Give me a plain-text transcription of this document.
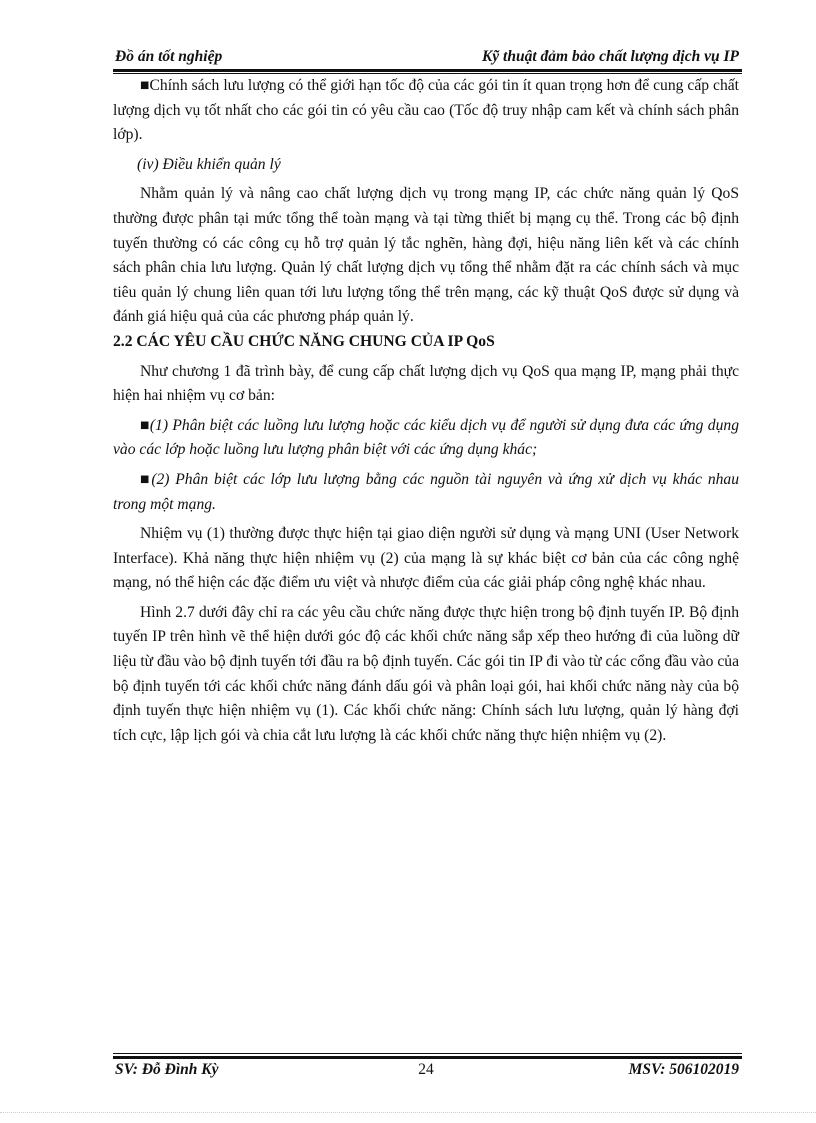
Đồ án tốt nghiệp	Kỹ thuật đảm bảo chất lượng dịch vụ IP

■Chính sách lưu lượng có thể giới hạn tốc độ của các gói tin ít quan trọng hơn để cung cấp chất lượng dịch vụ tốt nhất cho các gói tin có yêu cầu cao (Tốc độ truy nhập cam kết và chính sách phân lớp).

(iv) Điều khiển quản lý

Nhằm quản lý và nâng cao chất lượng dịch vụ trong mạng IP, các chức năng quản lý QoS thường được phân tại mức tổng thể toàn mạng và tại từng thiết bị mạng cụ thể. Trong các bộ định tuyến thường có các công cụ hỗ trợ quản lý tắc nghẽn, hàng đợi, hiệu năng liên kết và các chính sách phân chia lưu lượng. Quản lý chất lượng dịch vụ tổng thể nhằm đặt ra các chính sách và mục tiêu quản lý chung liên quan tới lưu lượng tổng thể trên mạng, các kỹ thuật QoS được sử dụng và đánh giá hiệu quả của các phương pháp quản lý.

2.2 CÁC YÊU CẦU CHỨC NĂNG CHUNG CỦA IP QoS

Như chương 1 đã trình bày, để cung cấp chất lượng dịch vụ QoS qua mạng IP, mạng phải thực hiện hai nhiệm vụ cơ bản:

■(1) Phân biệt các luồng lưu lượng hoặc các kiểu dịch vụ để người sử dụng đưa các ứng dụng vào các lớp hoặc luồng lưu lượng phân biệt với các ứng dụng khác;

■(2) Phân biệt các lớp lưu lượng bằng các nguồn tài nguyên và ứng xử dịch vụ khác nhau trong một mạng.

Nhiệm vụ (1) thường được thực hiện tại giao diện người sử dụng và mạng UNI (User Network Interface). Khả năng thực hiện nhiệm vụ (2) của mạng là sự khác biệt cơ bản của các công nghệ mạng, nó thể hiện các đặc điểm ưu việt và nhược điểm của các giải pháp công nghệ khác nhau.

Hình 2.7 dưới đây chỉ ra các yêu cầu chức năng được thực hiện trong bộ định tuyến IP. Bộ định tuyến IP trên hình vẽ thể hiện dưới góc độ các khối chức năng sắp xếp theo hướng đi của luồng dữ liệu từ đầu vào bộ định tuyến tới đầu ra bộ định tuyến. Các gói tin IP đi vào từ các cổng đầu vào của bộ định tuyến tới các khối chức năng đánh dấu gói và phân loại gói, hai khối chức năng này của bộ định tuyến thực hiện nhiệm vụ (1). Các khối chức năng: Chính sách lưu lượng, quản lý hàng đợi tích cực, lập lịch gói và chia cắt lưu lượng là các khối chức năng thực hiện nhiệm vụ (2).

SV: Đỗ Đình Kỳ	24	MSV: 506102019
